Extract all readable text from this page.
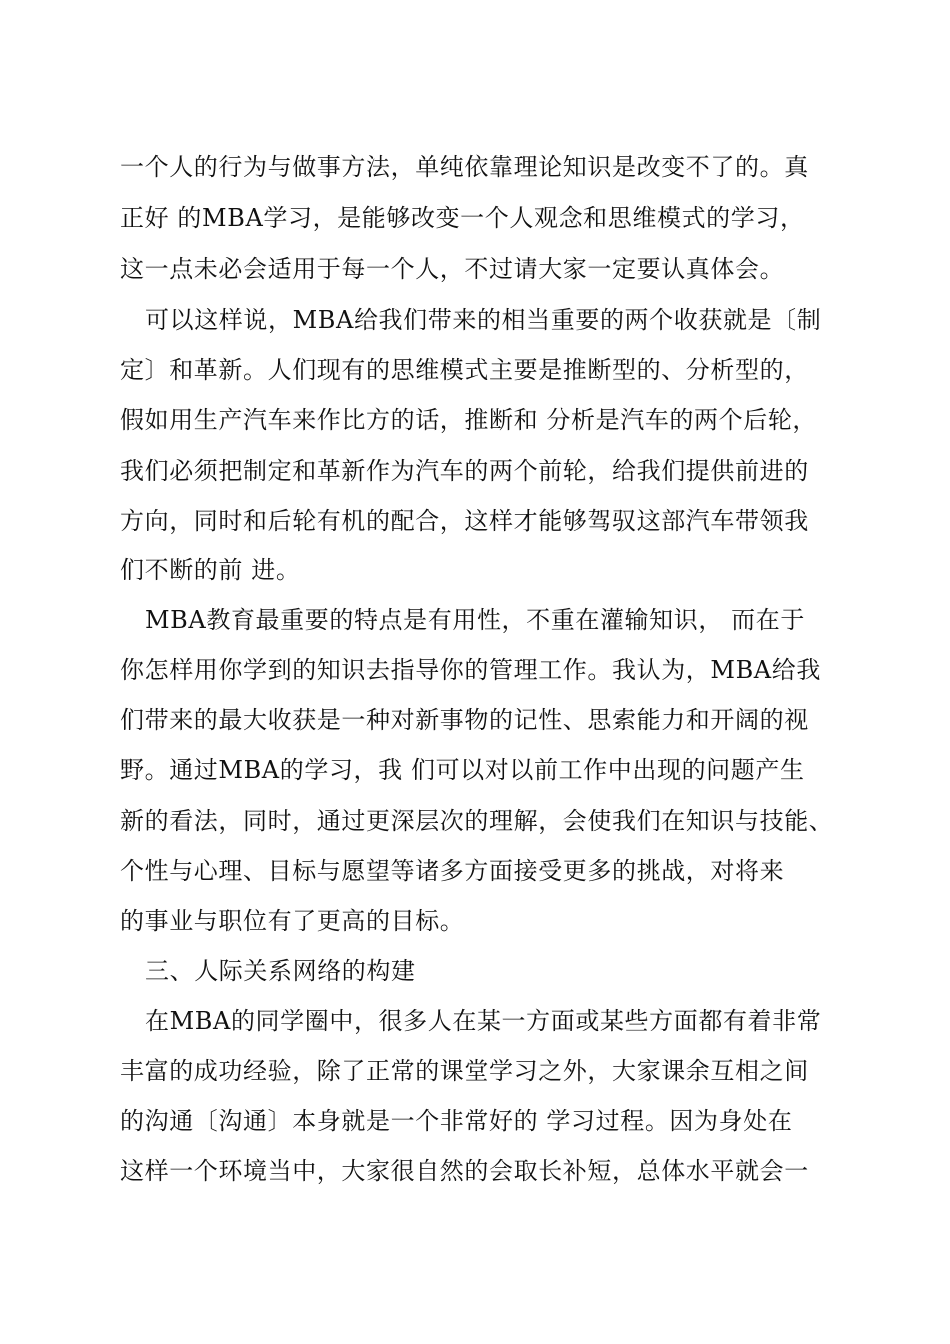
一个人的行为与做事方法，单纯依靠理论知识是改变不了的。真
正好 的MBA学习，是能够改变一个人观念和思维模式的学习，
这一点未必会适用于每一个人，不过请大家一定要认真体会。
可以这样说，MBA给我们带来的相当重要的两个收获就是〔制
定〕和革新。人们现有的思维模式主要是推断型的、分析型的，
假如用生产汽车来作比方的话，推断和 分析是汽车的两个后轮，
我们必须把制定和革新作为汽车的两个前轮，给我们提供前进的
方向，同时和后轮有机的配合，这样才能够驾驭这部汽车带领我
们不断的前 进。
MBA教育最重要的特点是有用性，不重在灌输知识， 而在于
你怎样用你学到的知识去指导你的管理工作。我认为，MBA给我
们带来的最大收获是一种对新事物的记性、思索能力和开阔的视
野。通过MBA的学习，我 们可以对以前工作中出现的问题产生
新的看法，同时，通过更深层次的理解，会使我们在知识与技能、
个性与心理、目标与愿望等诸多方面接受更多的挑战，对将来
的事业与职位有了更高的目标。
三、人际关系网络的构建
在MBA的同学圈中，很多人在某一方面或某些方面都有着非常
丰富的成功经验，除了正常的课堂学习之外，大家课余互相之间
的沟通〔沟通〕本身就是一个非常好的 学习过程。因为身处在
这样一个环境当中，大家很自然的会取长补短，总体水平就会一
